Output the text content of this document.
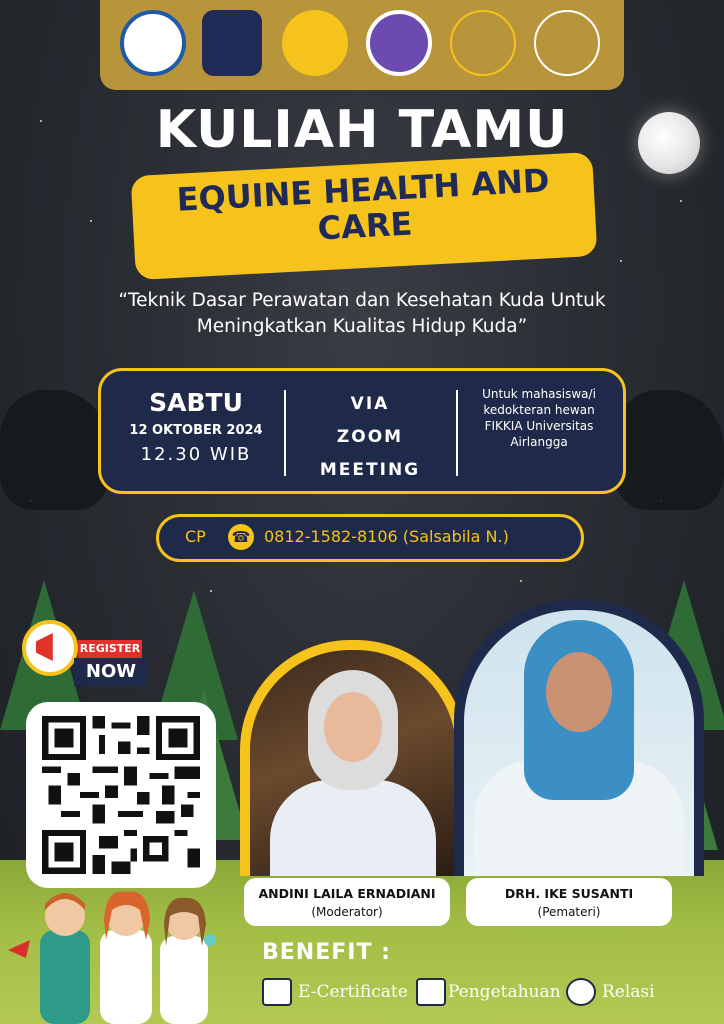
KULIAH TAMU
EQUINE HEALTH AND CARE
“Teknik Dasar Perawatan dan Kesehatan Kuda Untuk Meningkatkan Kualitas Hidup Kuda”
SABTU
12 OKTOBER 2024
12.30 WIB
VIA
ZOOM
MEETING
Untuk mahasiswa/i kedokteran hewan FIKKIA Universitas Airlangga
CP ☎ 0812-1582-8106 (Salsabila N.)
REGISTER
NOW
ANDINI LAILA ERNADIANI
(Moderator)
DRH. IKE SUSANTI
(Pemateri)
BENEFIT :
E-Certificate Pengetahuan Relasi
